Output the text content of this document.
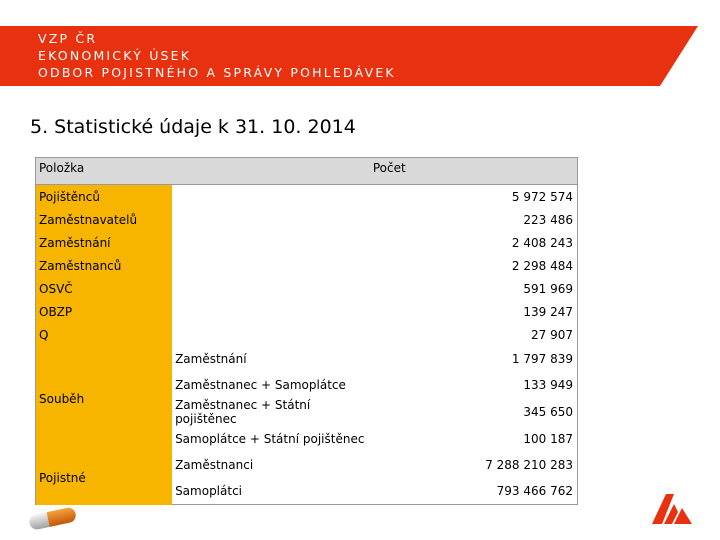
VZP ČR
EKONOMICKÝ ÚSEK
ODBOR POJISTNÉHO A SPRÁVY POHLEDÁVEK
5. Statistické údaje k 31. 10. 2014
Položka		Počet
Pojištěnců		5 972 574
Zaměstnavatelů		223 486
Zaměstnání		2 408 243
Zaměstnanců		2 298 484
OSVČ		591 969
OBZP		139 247
Q		27 907
Souběh	Zaměstnání	1 797 839
	Zaměstnanec + Samoplátce	133 949
	Zaměstnanec + Státní pojištěnec	345 650
	Samoplátce + Státní pojištěnec	100 187
Pojistné	Zaměstnanci	7 288 210 283
	Samoplátci	793 466 762
